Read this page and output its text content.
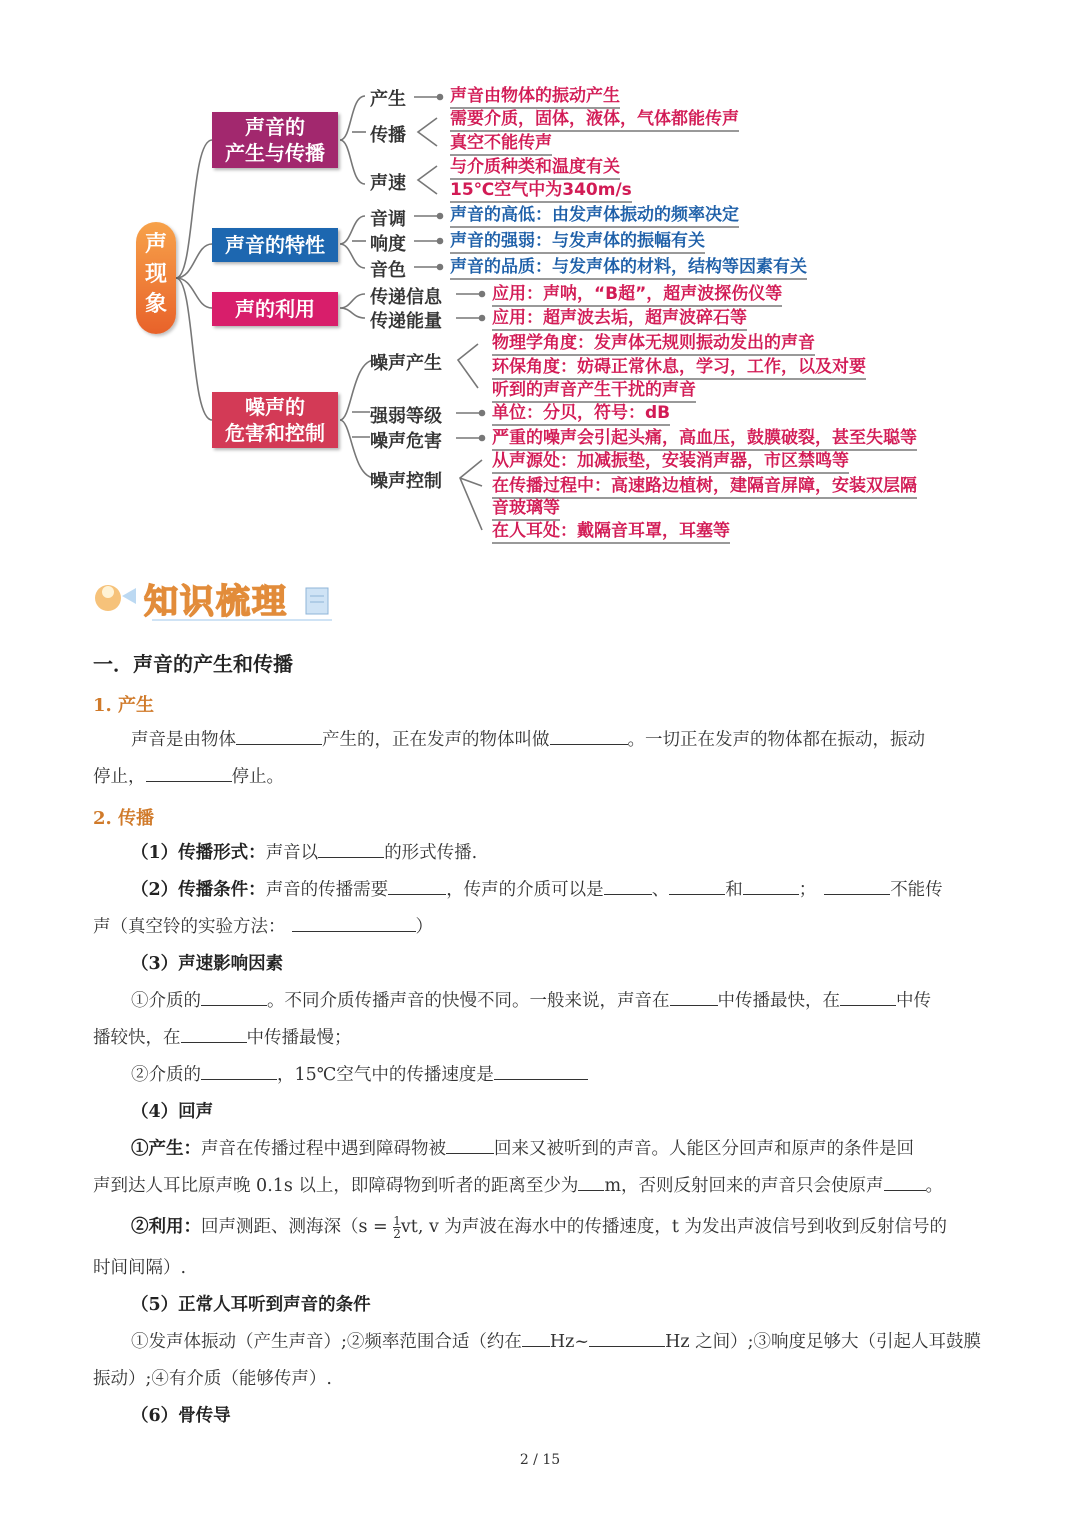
声现象
声音的
产生与传播
声音的特性
声的利用
噪声的
危害和控制
产生
传播
声速
音调
响度
音色
传递信息
传递能量
噪声产生
强弱等级
噪声危害
噪声控制
声音由物体的振动产生
需要介质，固体，液体，气体都能传声
真空不能传声
与介质种类和温度有关
15℃空气中为340m/s
声音的高低：由发声体振动的频率决定
声音的强弱：与发声体的振幅有关
声音的品质：与发声体的材料，结构等因素有关
应用：声呐，“B超”，超声波探伤仪等
应用：超声波去垢，超声波碎石等
物理学角度：发声体无规则振动发出的声音
环保角度：妨碍正常休息，学习，工作，以及对要
听到的声音产生干扰的声音
单位：分贝，符号：dB
严重的噪声会引起头痛，高血压，鼓膜破裂，甚至失聪等
从声源处：加减振垫，安装消声器，市区禁鸣等
在传播过程中：高速路边植树，建隔音屏障，安装双层隔
音玻璃等
在人耳处：戴隔音耳罩，耳塞等
知识梳理
一．声音的产生和传播
1. 产生
声音是由物体	产生的，正在发声的物体叫做	。一切正在发声的物体都在振动，振动
停止，	停止。
2. 传播
（1）传播形式：声音以	的形式传播.
（2）传播条件：声音的传播需要	，传声的介质可以是	、	和	；	不能传
声（真空铃的实验方法：	）
（3）声速影响因素
①介质的	。不同介质传播声音的快慢不同。一般来说，声音在	中传播最快，在	中传
播较快，在	中传播最慢；
②介质的	，15℃空气中的传播速度是
（4）回声
①产生：声音在传播过程中遇到障碍物被	回来又被听到的声音。人能区分回声和原声的条件是回
声到达人耳比原声晚 0.1s 以上，即障碍物到听者的距离至少为 m，否则反射回来的声音只会使原声 。
②利用：回声测距、测海深（$s = \frac{1}{2}$ vt, v 为声波在海水中的传播速度，t 为发出声波信号到收到反射信号的
时间间隔）.
（5）正常人耳听到声音的条件
①发声体振动（产生声音）;②频率范围合适（约在 Hz~	Hz 之间）;③响度足够大（引起人耳鼓膜
振动）;④有介质（能够传声）.
（6）骨传导
2 / 15
